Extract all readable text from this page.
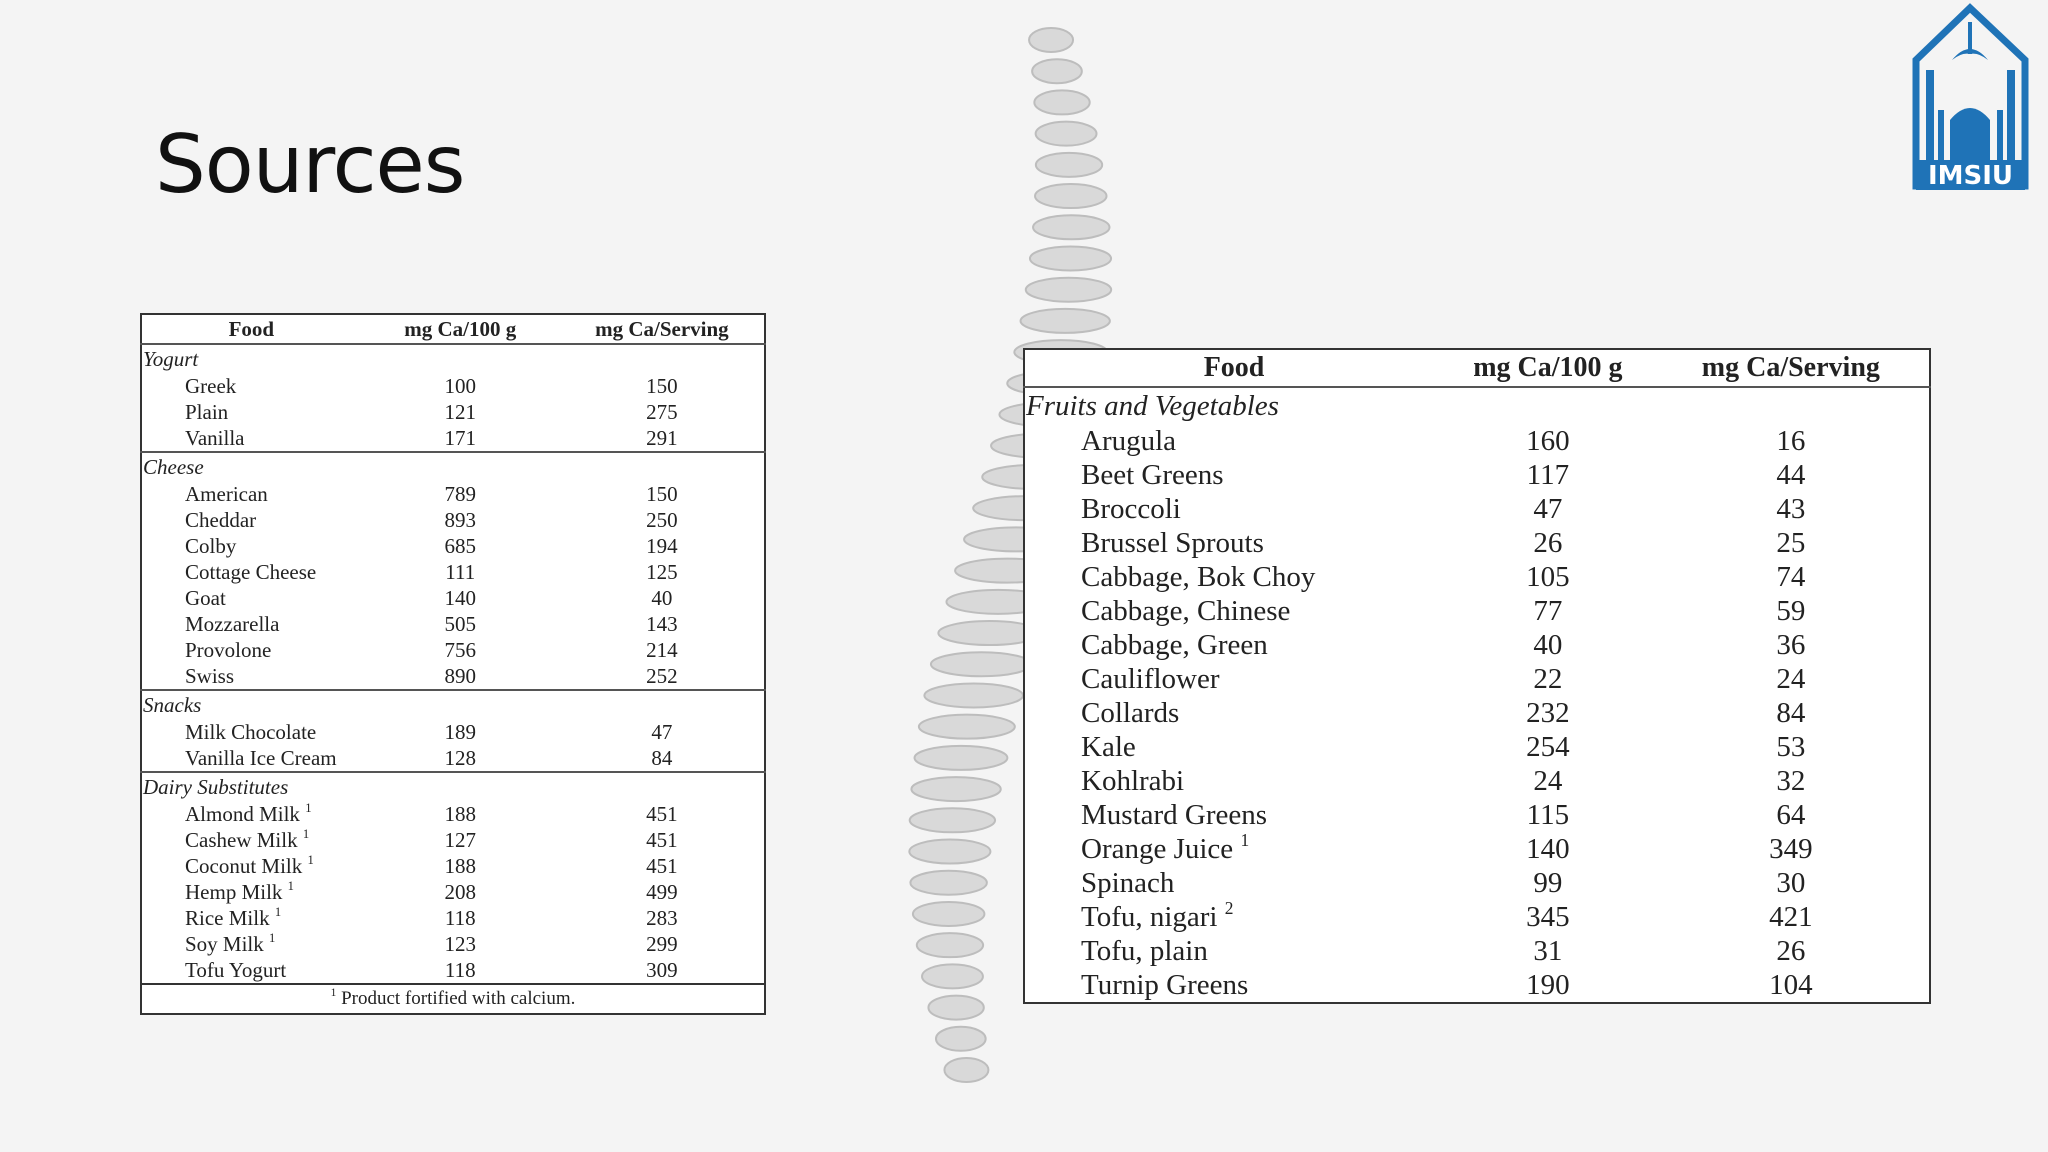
Sources	IMSIU
Food	mg Ca/100 g	mg Ca/Serving
Yogurt		
Greek	100	150
Plain	121	275
Vanilla	171	291
Cheese		
American	789	150
Cheddar	893	250
Colby	685	194
Cottage Cheese	111	125
Goat	140	40
Mozzarella	505	143
Provolone	756	214
Swiss	890	252
Snacks		
Milk Chocolate	189	47
Vanilla Ice Cream	128	84
Dairy Substitutes		
Almond Milk $^1$	188	451
Cashew Milk $^1$	127	451
Coconut Milk $^1$	188	451
Hemp Milk $^1$	208	499
Rice Milk $^1$	118	283
Soy Milk $^1$	123	299
Tofu Yogurt	118	309
$^1$ Product fortified with calcium.		
Food	mg Ca/100 g	mg Ca/Serving
Fruits and Vegetables		
Arugula	160	16
Beet Greens	117	44
Broccoli	47	43
Brussel Sprouts	26	25
Cabbage, Bok Choy	105	74
Cabbage, Chinese	77	59
Cabbage, Green	40	36
Cauliflower	22	24
Collards	232	84
Kale	254	53
Kohlrabi	24	32
Mustard Greens	115	64
Orange Juice $^1$	140	349
Spinach	99	30
Tofu, nigari $^2$	345	421
Tofu, plain	31	26
Turnip Greens	190	104
